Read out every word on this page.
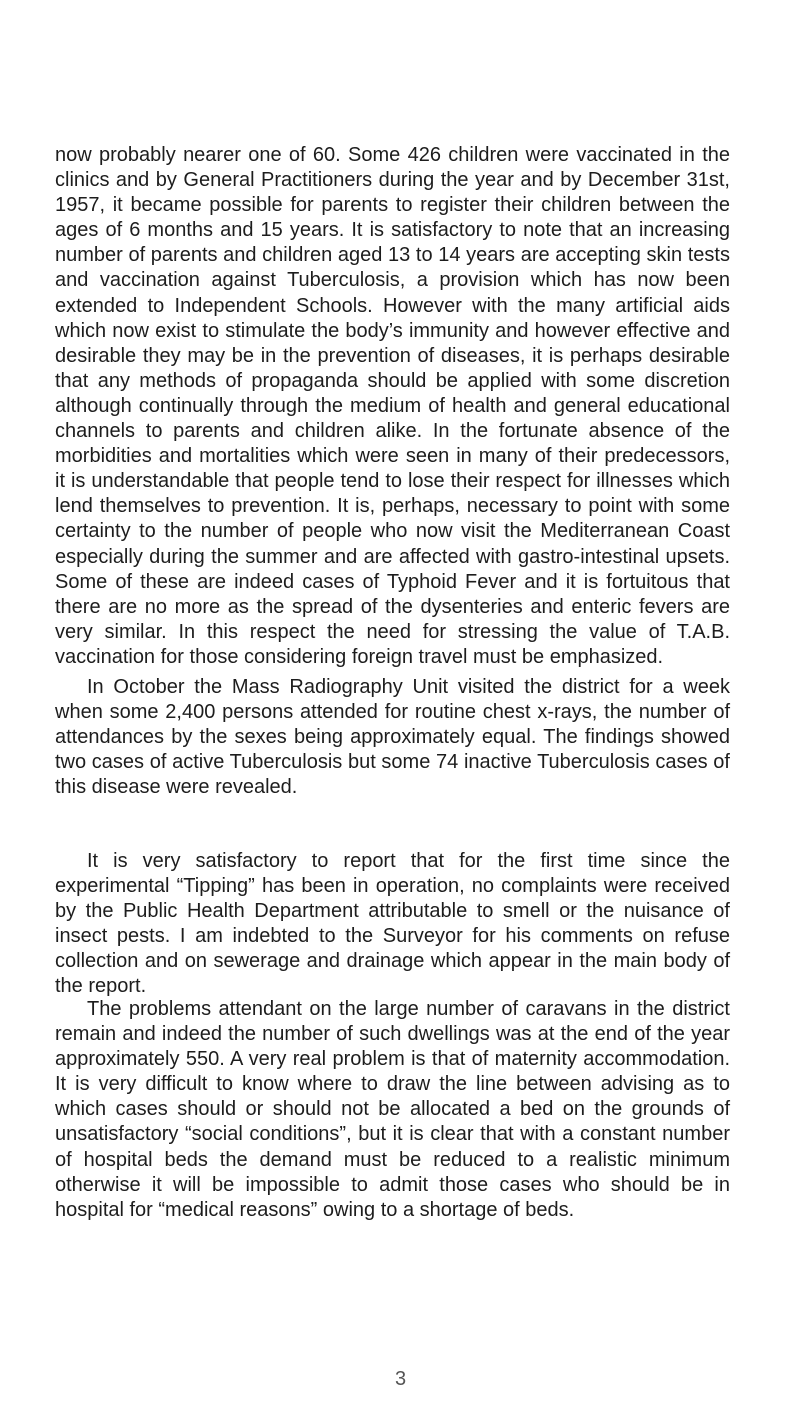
now probably nearer one of 60. Some 426 children were vaccinated in the clinics and by General Practitioners during the year and by December 31st, 1957, it became possible for parents to register their children between the ages of 6 months and 15 years. It is satisfactory to note that an increasing number of parents and children aged 13 to 14 years are accepting skin tests and vaccination against Tuberculosis, a provision which has now been extended to Independent Schools. However with the many artificial aids which now exist to stimulate the body’s immunity and however effective and desirable they may be in the prevention of diseases, it is perhaps desirable that any methods of propaganda should be applied with some discretion although continually through the medium of health and general educational channels to parents and children alike. In the fortunate absence of the morbidities and mortalities which were seen in many of their predecessors, it is understandable that people tend to lose their respect for illnesses which lend themselves to prevention. It is, perhaps, necessary to point with some certainty to the number of people who now visit the Mediterranean Coast especially during the summer and are affected with gastro-intestinal upsets. Some of these are indeed cases of Typhoid Fever and it is fortuitous that there are no more as the spread of the dysenteries and enteric fevers are very similar. In this respect the need for stressing the value of T.A.B. vaccination for those considering foreign travel must be emphasized.

In October the Mass Radiography Unit visited the district for a week when some 2,400 persons attended for routine chest x-rays, the number of attendances by the sexes being approximately equal. The findings showed two cases of active Tuberculosis but some 74 inactive Tuberculosis cases of this disease were revealed.

It is very satisfactory to report that for the first time since the experimental “Tipping” has been in operation, no complaints were received by the Public Health Department attributable to smell or the nuisance of insect pests. I am indebted to the Surveyor for his comments on refuse collection and on sewerage and drainage which appear in the main body of the report.

The problems attendant on the large number of caravans in the district remain and indeed the number of such dwellings was at the end of the year approximately 550. A very real problem is that of maternity accommodation. It is very difficult to know where to draw the line between advising as to which cases should or should not be allocated a bed on the grounds of unsatisfactory “social conditions”, but it is clear that with a constant number of hospital beds the demand must be reduced to a realistic minimum otherwise it will be impossible to admit those cases who should be in hospital for “medical reasons” owing to a shortage of beds.

3
